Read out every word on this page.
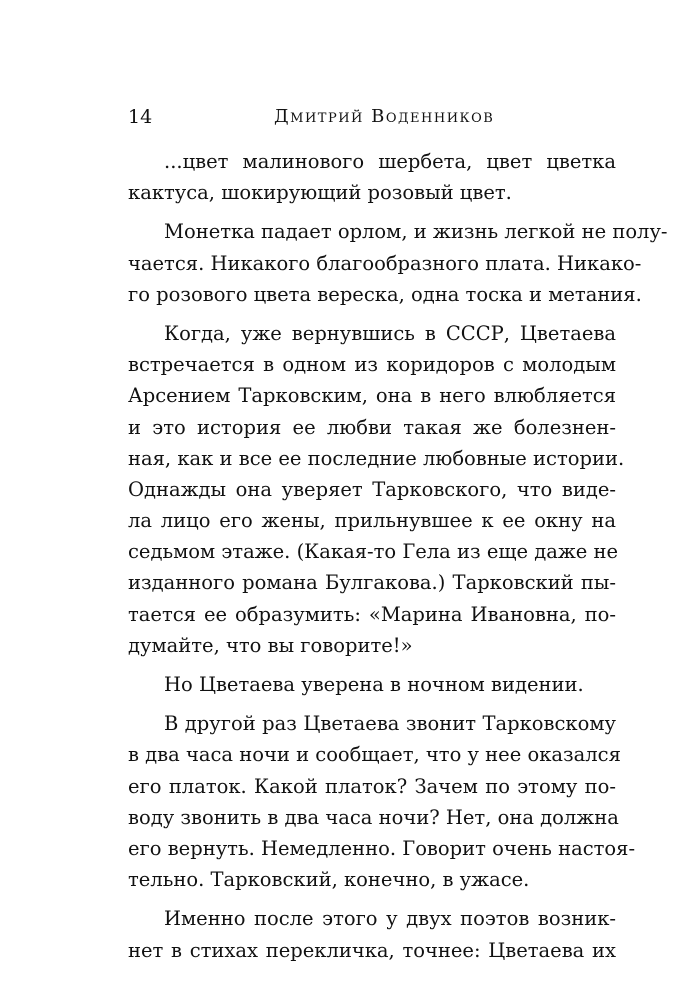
14	Дмитрий Воденников
...цвет малинового шербета, цвет цветка
кактуса, шокирующий розовый цвет.
Монетка падает орлом, и жизнь легкой не полу-
чается. Никакого благообразного плата. Никако-
го розового цвета вереска, одна тоска и метания.
Когда, уже вернувшись в СССР, Цветаева
встречается в одном из коридоров с молодым
Арсением Тарковским, она в него влюбляется
и это история ее любви такая же болезнен-
ная, как и все ее последние любовные истории.
Однажды она уверяет Тарковского, что виде-
ла лицо его жены, прильнувшее к ее окну на
седьмом этаже. (Какая-то Гела из еще даже не
изданного романа Булгакова.) Тарковский пы-
тается ее образумить: «Марина Ивановна, по-
думайте, что вы говорите!»
Но Цветаева уверена в ночном видении.
В другой раз Цветаева звонит Тарковскому
в два часа ночи и сообщает, что у нее оказался
его платок. Какой платок? Зачем по этому по-
воду звонить в два часа ночи? Нет, она должна
его вернуть. Немедленно. Говорит очень настоя-
тельно. Тарковский, конечно, в ужасе.
Именно после этого у двух поэтов возник-
нет в стихах перекличка, точнее: Цветаева их
